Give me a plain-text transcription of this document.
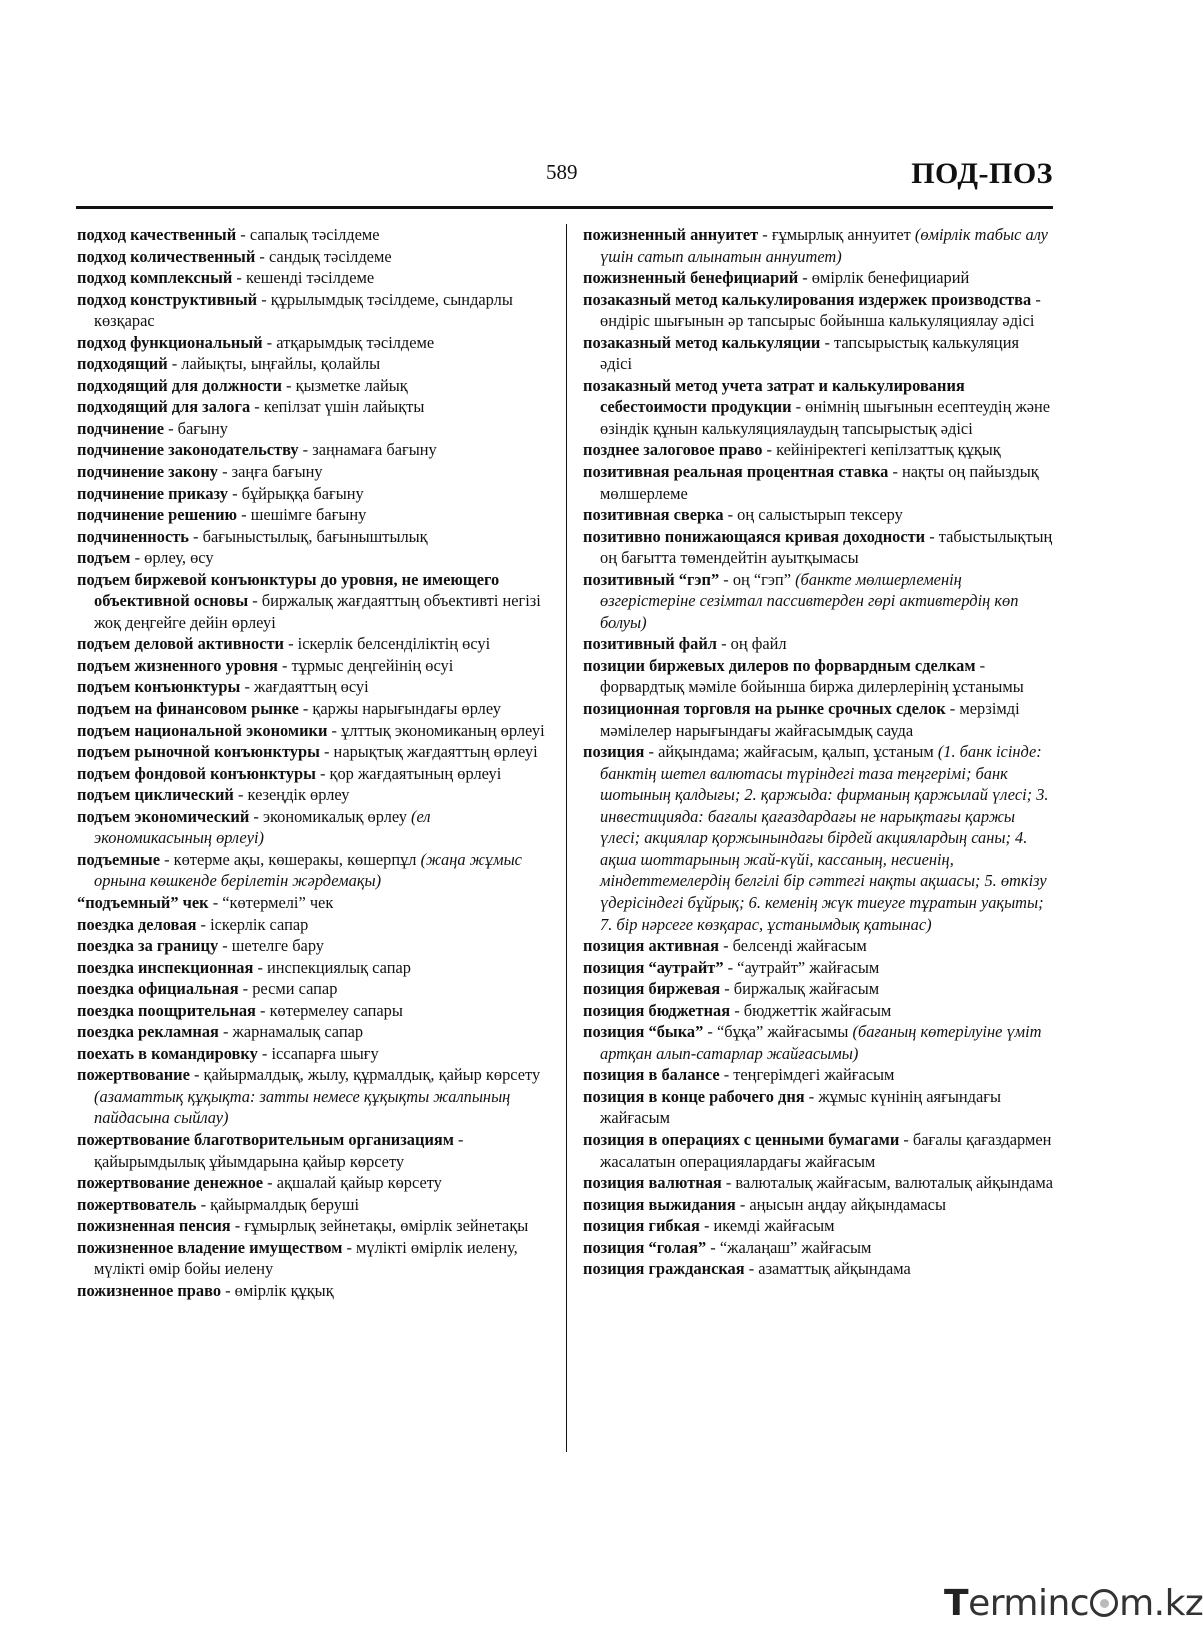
589	ПОД-ПОЗ

подход качественный - сапалық тәсілдеме

подход количественный - сандық тәсілдеме

подход комплексный - кешенді тәсілдеме

подход конструктивный - құрылымдық тәсілдеме, сындарлы көзқарас

подход функциональный - атқарымдық тәсілдеме

подходящий - лайықты, ыңғайлы, қолайлы

подходящий для должности - қызметке лайық

подходящий для залога - кепілзат үшін лайықты

подчинение - бағыну

подчинение законодательству - заңнамаға бағыну

подчинение закону - заңға бағыну

подчинение приказу - бұйрыққа бағыну

подчинение решению - шешімге бағыну

подчиненность - бағыныстылық, бағыныштылық

подъем - өрлеу, өсу

подъем биржевой конъюнктуры до уровня, не имеющего объективной основы - биржалық жағдаяттың объективті негізі жоқ деңгейге дейін өрлеуі

подъем деловой активности - іскерлік белсенділіктің өсуі

подъем жизненного уровня - тұрмыс деңгейінің өсуі

подъем конъюнктуры - жағдаяттың өсуі

подъем на финансовом рынке - қаржы нарығындағы өрлеу

подъем национальной экономики - ұлттық экономиканың өрлеуі

подъем рыночной конъюнктуры - нарықтық жағдаяттың өрлеуі

подъем фондовой конъюнктуры - қор жағдаятының өрлеуі

подъем циклический - кезеңдік өрлеу

подъем экономический - экономикалық өрлеу (ел экономикасының өрлеуі)

подъемные - көтерме ақы, көшеракы, көшерпұл (жаңа жұмыс орнына көшкенде берілетін жәрдемақы)

“подъемный” чек - “көтермелі” чек

поездка деловая - іскерлік сапар

поездка за границу - шетелге бару

поездка инспекционная - инспекциялық сапар

поездка официальная - ресми сапар

поездка поощрительная - көтермелеу сапары

поездка рекламная - жарнамалық сапар

поехать в командировку - іссапарға шығу

пожертвование - қайырмалдық, жылу, құрмалдық, қайыр көрсету (азаматтық құқықта: затты немесе құқықты жалпының пайдасына сыйлау)

пожертвование благотворительным организациям - қайырымдылық ұйымдарына қайыр көрсету

пожертвование денежное - ақшалай қайыр көрсету

пожертвователь - қайырмалдық беруші

пожизненная пенсия - ғұмырлық зейнетақы, өмірлік зейнетақы

пожизненное владение имуществом - мүлікті өмірлік иелену, мүлікті өмір бойы иелену

пожизненное право - өмірлік құқық

пожизненный аннуитет - ғұмырлық аннуитет (өмірлік табыс алу үшін сатып алынатын аннуитет)

пожизненный бенефициарий - өмірлік бенефициарий

позаказный метод калькулирования издержек производства - өндіріс шығынын әр тапсырыс бойынша калькуляциялау әдісі

позаказный метод калькуляции - тапсырыстық калькуляция әдісі

позаказный метод учета затрат и калькулирования себестоимости продукции - өнімнің шығынын есептеудің және өзіндік құнын калькуляциялаудың тапсырыстық әдісі

позднее залоговое право - кейініректегі кепілзаттық құқық

позитивная реальная процентная ставка - нақты оң пайыздық мөлшерлеме

позитивная сверка - оң салыстырып тексеру

позитивно понижающаяся кривая доходности - табыстылықтың оң бағытта төмендейтін ауытқымасы

позитивный “гэп” - оң “гэп” (банкте мөлшерлеменің өзгерістеріне сезімтал пассивтерден гөрі активтердің көп болуы)

позитивный файл - оң файл

позиции биржевых дилеров по форвардным сделкам - форвардтық мәміле бойынша биржа дилерлерінің ұстанымы

позиционная торговля на рынке срочных сделок - мерзімді мәмілелер нарығындағы жайғасымдық сауда

позиция - айқындама; жайғасым, қалып, ұстаным (1. банк ісінде: банктің шетел валютасы түріндегі таза теңгерімі; банк шотының қалдығы; 2. қаржыда: фирманың қаржылай үлесі; 3. инвестицияда: бағалы қағаздардағы не нарықтағы қаржы үлесі; акциялар қоржынындағы бірдей акциялардың саны; 4. ақша шоттарының жай-күйі, кассаның, несиенің, міндеттемелердің белгілі бір сәттегі нақты ақшасы; 5. өткізу үдерісіндегі бұйрық; 6. кеменің жүк тиеуге тұратын уақыты; 7. бір нәрсеге көзқарас, ұстанымдық қатынас)

позиция активная - белсенді жайғасым

позиция “аутрайт” - “аутрайт” жайғасым

позиция биржевая - биржалық жайғасым

позиция бюджетная - бюджеттік жайғасым

позиция “быка” - “бұқа” жайғасымы (бағаның көтерілуіне үміт артқан алып-сатарлар жайғасымы)

позиция в балансе - теңгерімдегі жайғасым

позиция в конце рабочего дня - жұмыс күнінің аяғындағы жайғасым

позиция в операциях с ценными бумагами - бағалы қағаздармен жасалатын операциялардағы жайғасым

позиция валютная - валюталық жайғасым, валюталық айқындама

позиция выжидания - аңысын аңдау айқындамасы

позиция гибкая - икемді жайғасым

позиция “голая” - “жалаңаш” жайғасым

позиция гражданская - азаматтық айқындама

Terminc m.kz
